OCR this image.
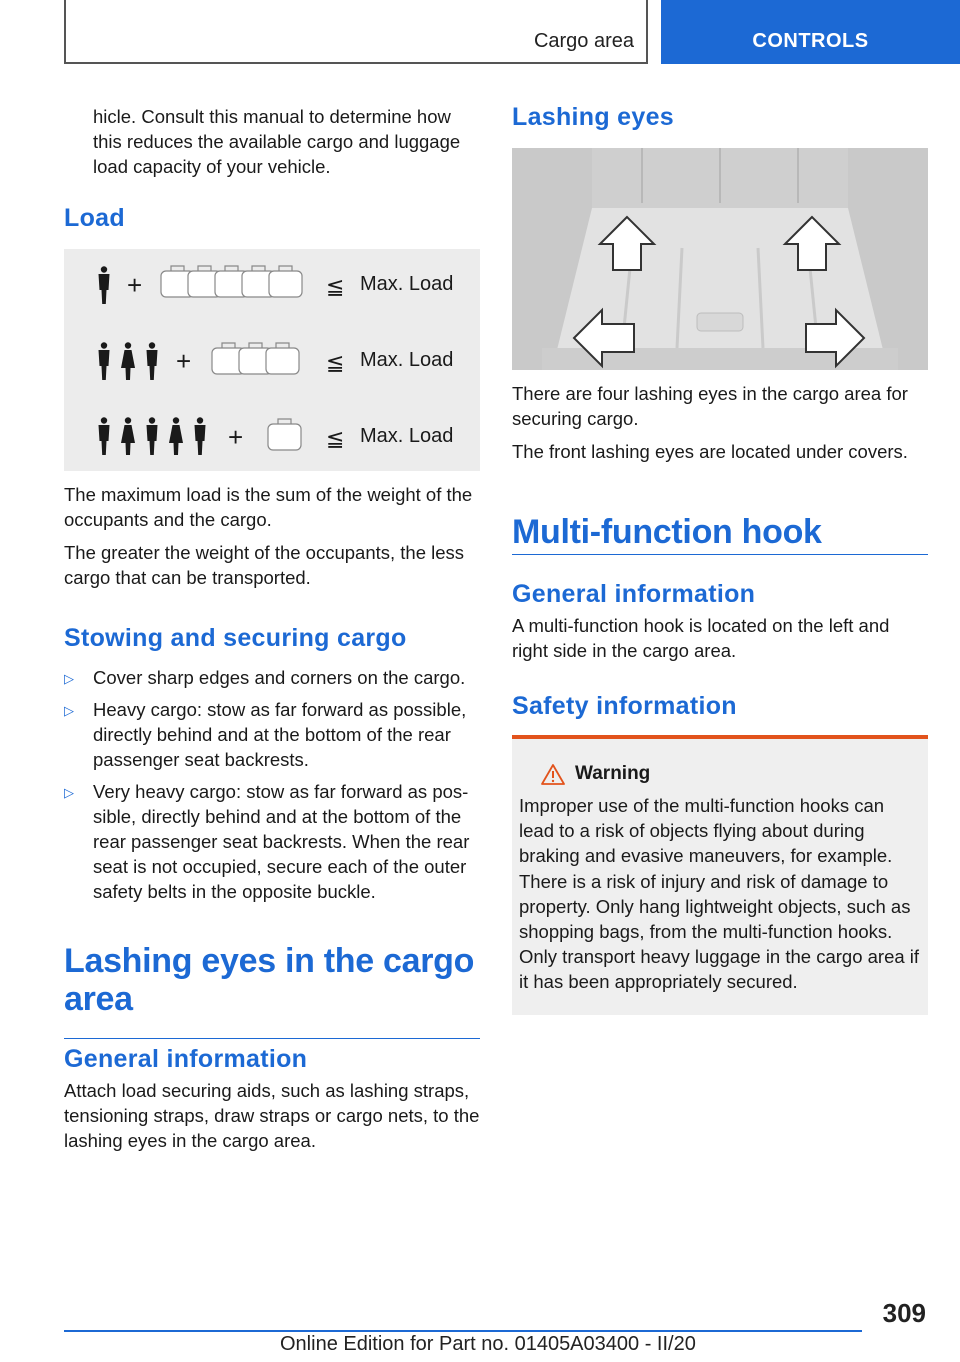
Cargo area	CONTROLS

hicle. Consult this manual to determine how this reduces the available cargo and luggage load capacity of your vehicle.

Load
+	≦ Max. Load
+	≦ Max. Load
+	≦ Max. Load

The maximum load is the sum of the weight of the occupants and the cargo.

The greater the weight of the occupants, the less cargo that can be transported.

Stowing and securing cargo
▷ Cover sharp edges and corners on the cargo.
▷ Heavy cargo: stow as far forward as possible, directly behind and at the bottom of the rear passenger seat backrests.
▷ Very heavy cargo: stow as far forward as pos‐ sible, directly behind and at the bottom of the rear passenger seat backrests. When the rear seat is not occupied, secure each of the outer safety belts in the opposite buckle.
Lashing eyes in the cargo area
General information

Attach load securing aids, such as lashing straps, tensioning straps, draw straps or cargo nets, to the lashing eyes in the cargo area.

Lashing eyes

There are four lashing eyes in the cargo area for securing cargo.

The front lashing eyes are located under covers.

Multi-function hook
General information

A multi-function hook is located on the left and right side in the cargo area.

Safety information
Warning

Improper use of the multi-function hooks can lead to a risk of objects flying about during braking and evasive maneuvers, for example. There is a risk of injury and risk of damage to property. Only hang lightweight objects, such as shopping bags, from the multi-function hooks. Only transport heavy luggage in the cargo area if it has been appropriately secured.

309
Online Edition for Part no. 01405A03400 - II/20
